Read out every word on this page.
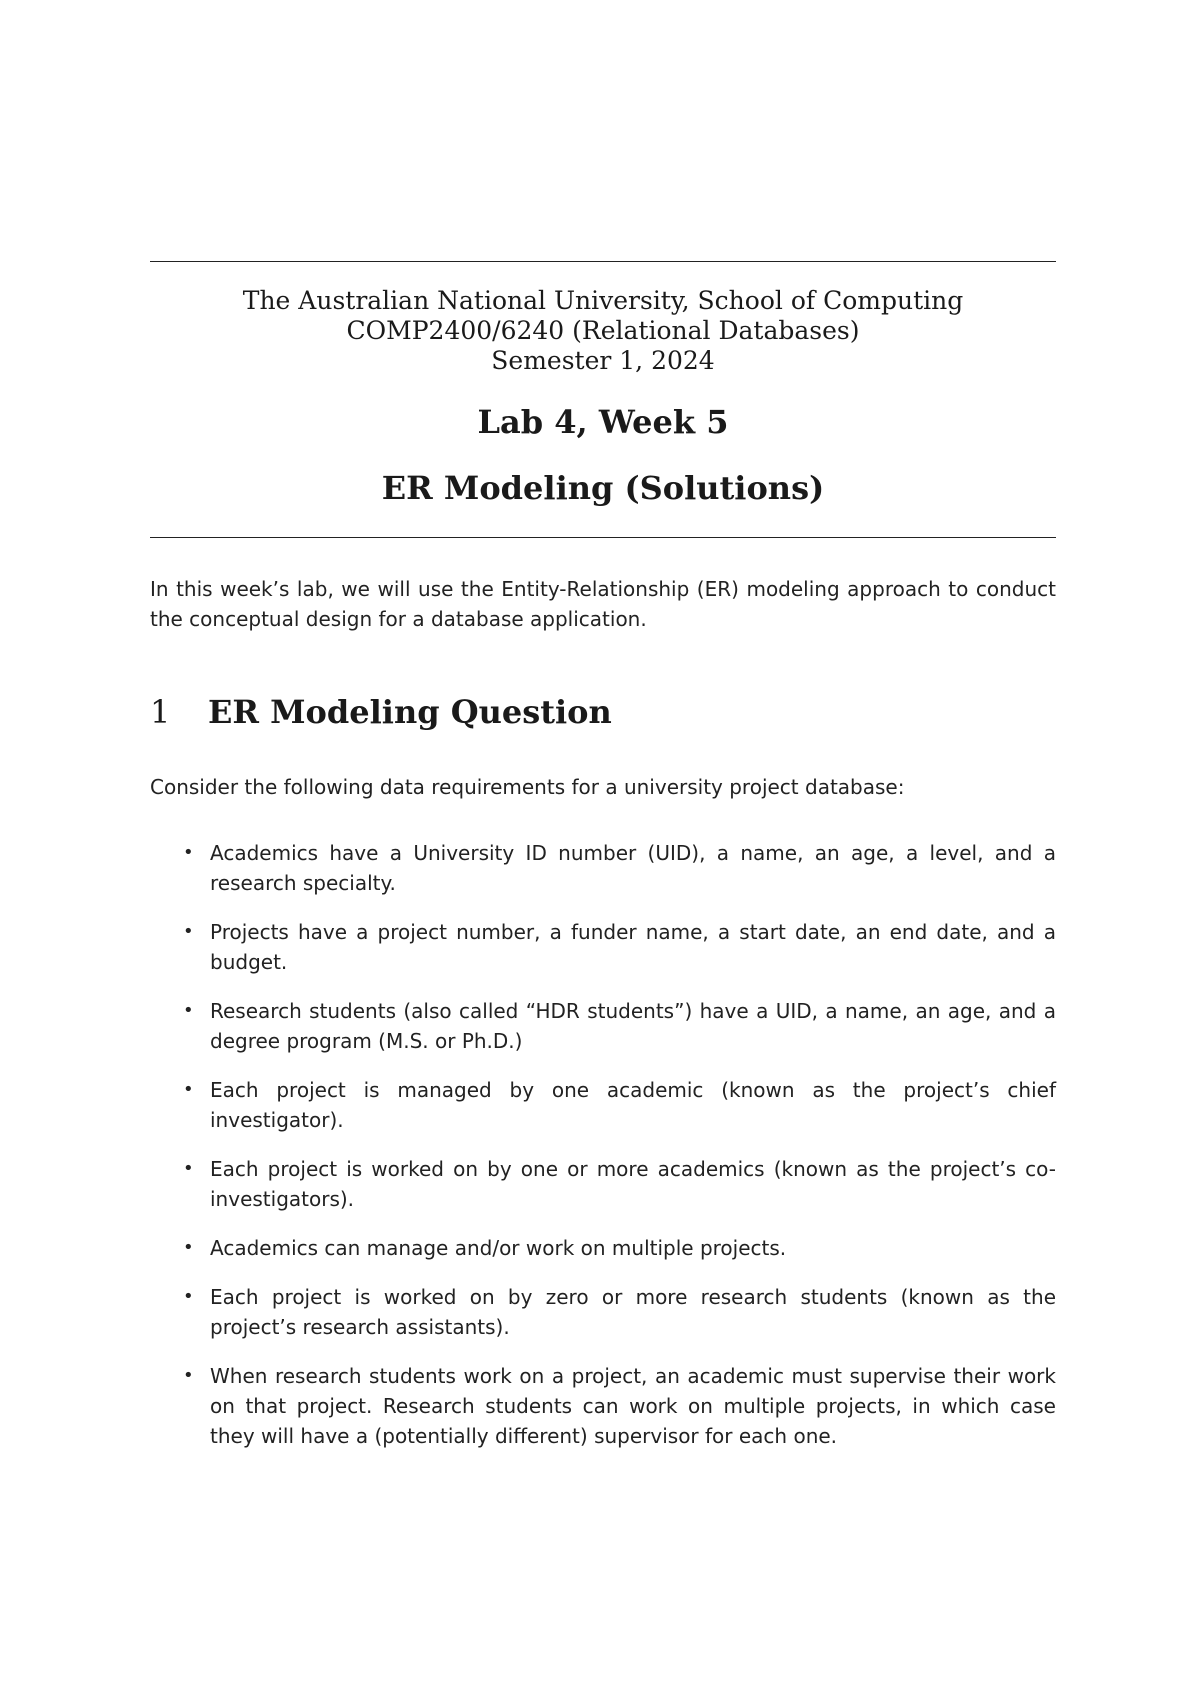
The Australian National University, School of Computing
COMP2400/6240 (Relational Databases)
Semester 1, 2024
Lab 4, Week 5
ER Modeling (Solutions)

In this week’s lab, we will use the Entity-Relationship (ER) modeling approach to conduct the conceptual design for a database application.

1 ER Modeling Question

Consider the following data requirements for a university project database:

• Academics have a University ID number (UID), a name, an age, a level, and a research specialty.
• Projects have a project number, a funder name, a start date, an end date, and a budget.
• Research students (also called “HDR students”) have a UID, a name, an age, and a degree program (M.S. or Ph.D.)
• Each project is managed by one academic (known as the project’s chief investigator).
• Each project is worked on by one or more academics (known as the project’s co-investigators).
• Academics can manage and/or work on multiple projects.
• Each project is worked on by zero or more research students (known as the project’s research assistants).
• When research students work on a project, an academic must supervise their work on that project. Research students can work on multiple projects, in which case they will have a (potentially different) supervisor for each one.
